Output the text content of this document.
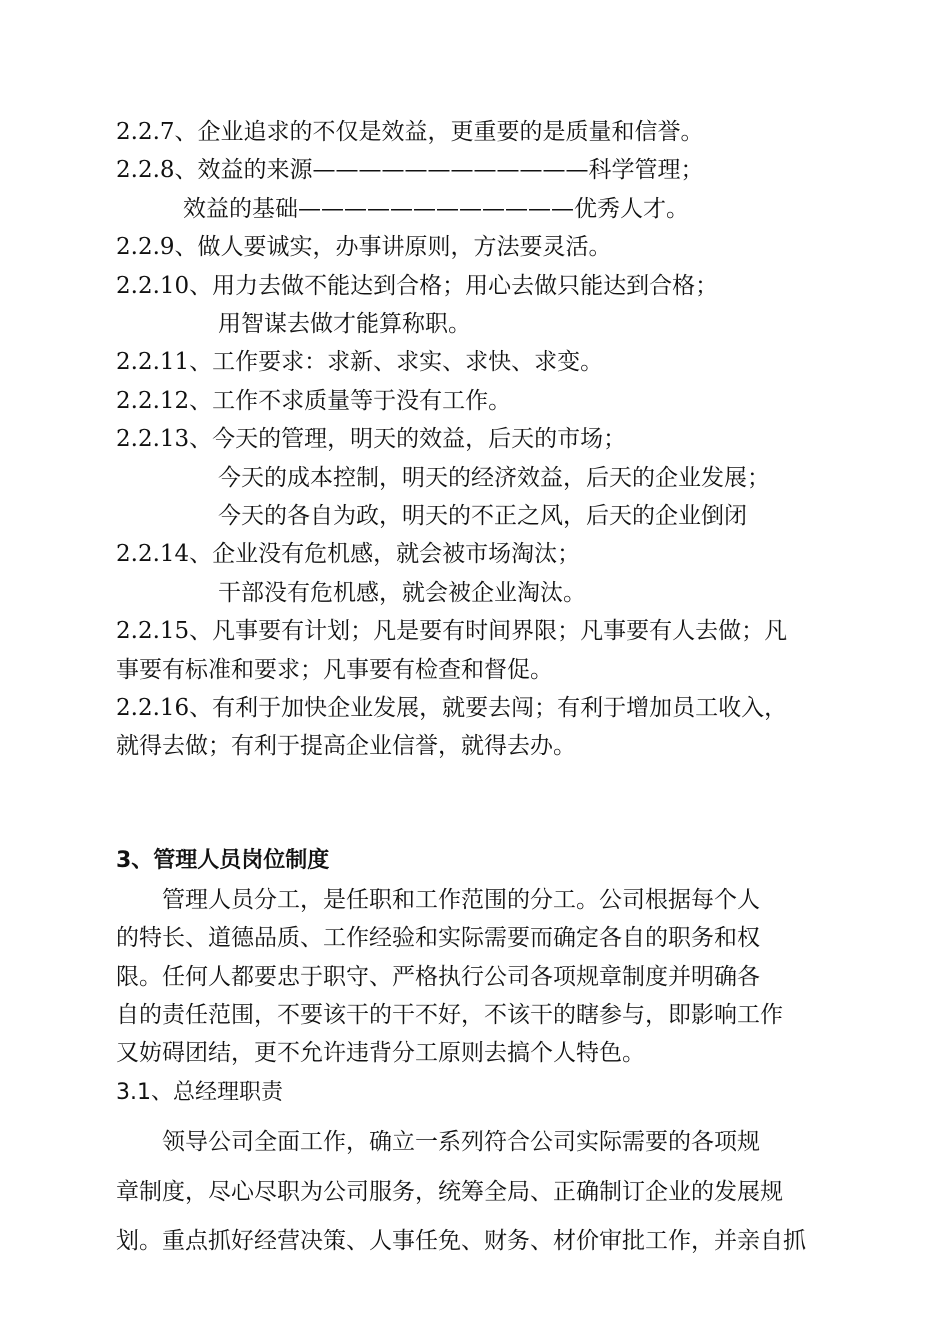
2.2.7、企业追求的不仅是效益，更重要的是质量和信誉。
2.2.8、效益的来源————————————科学管理；
效益的基础————————————优秀人才。
2.2.9、做人要诚实，办事讲原则，方法要灵活。
2.2.10、用力去做不能达到合格；用心去做只能达到合格；
用智谋去做才能算称职。
2.2.11、工作要求：求新、求实、求快、求变。
2.2.12、工作不求质量等于没有工作。
2.2.13、今天的管理，明天的效益，后天的市场；
今天的成本控制，明天的经济效益，后天的企业发展；
今天的各自为政，明天的不正之风，后天的企业倒闭
2.2.14、企业没有危机感，就会被市场淘汰；
干部没有危机感，就会被企业淘汰。
2.2.15、凡事要有计划；凡是要有时间界限；凡事要有人去做；凡
事要有标准和要求；凡事要有检查和督促。
2.2.16、有利于加快企业发展，就要去闯；有利于增加员工收入，
就得去做；有利于提高企业信誉，就得去办。
3、管理人员岗位制度
　　管理人员分工，是任职和工作范围的分工。公司根据每个人
的特长、道德品质、工作经验和实际需要而确定各自的职务和权
限。任何人都要忠于职守、严格执行公司各项规章制度并明确各
自的责任范围，不要该干的干不好，不该干的瞎参与，即影响工作
又妨碍团结，更不允许违背分工原则去搞个人特色。
3.1、总经理职责
　　领导公司全面工作，确立一系列符合公司实际需要的各项规
章制度，尽心尽职为公司服务，统筹全局、正确制订企业的发展规
划。重点抓好经营决策、人事任免、财务、材价审批工作，并亲自抓
